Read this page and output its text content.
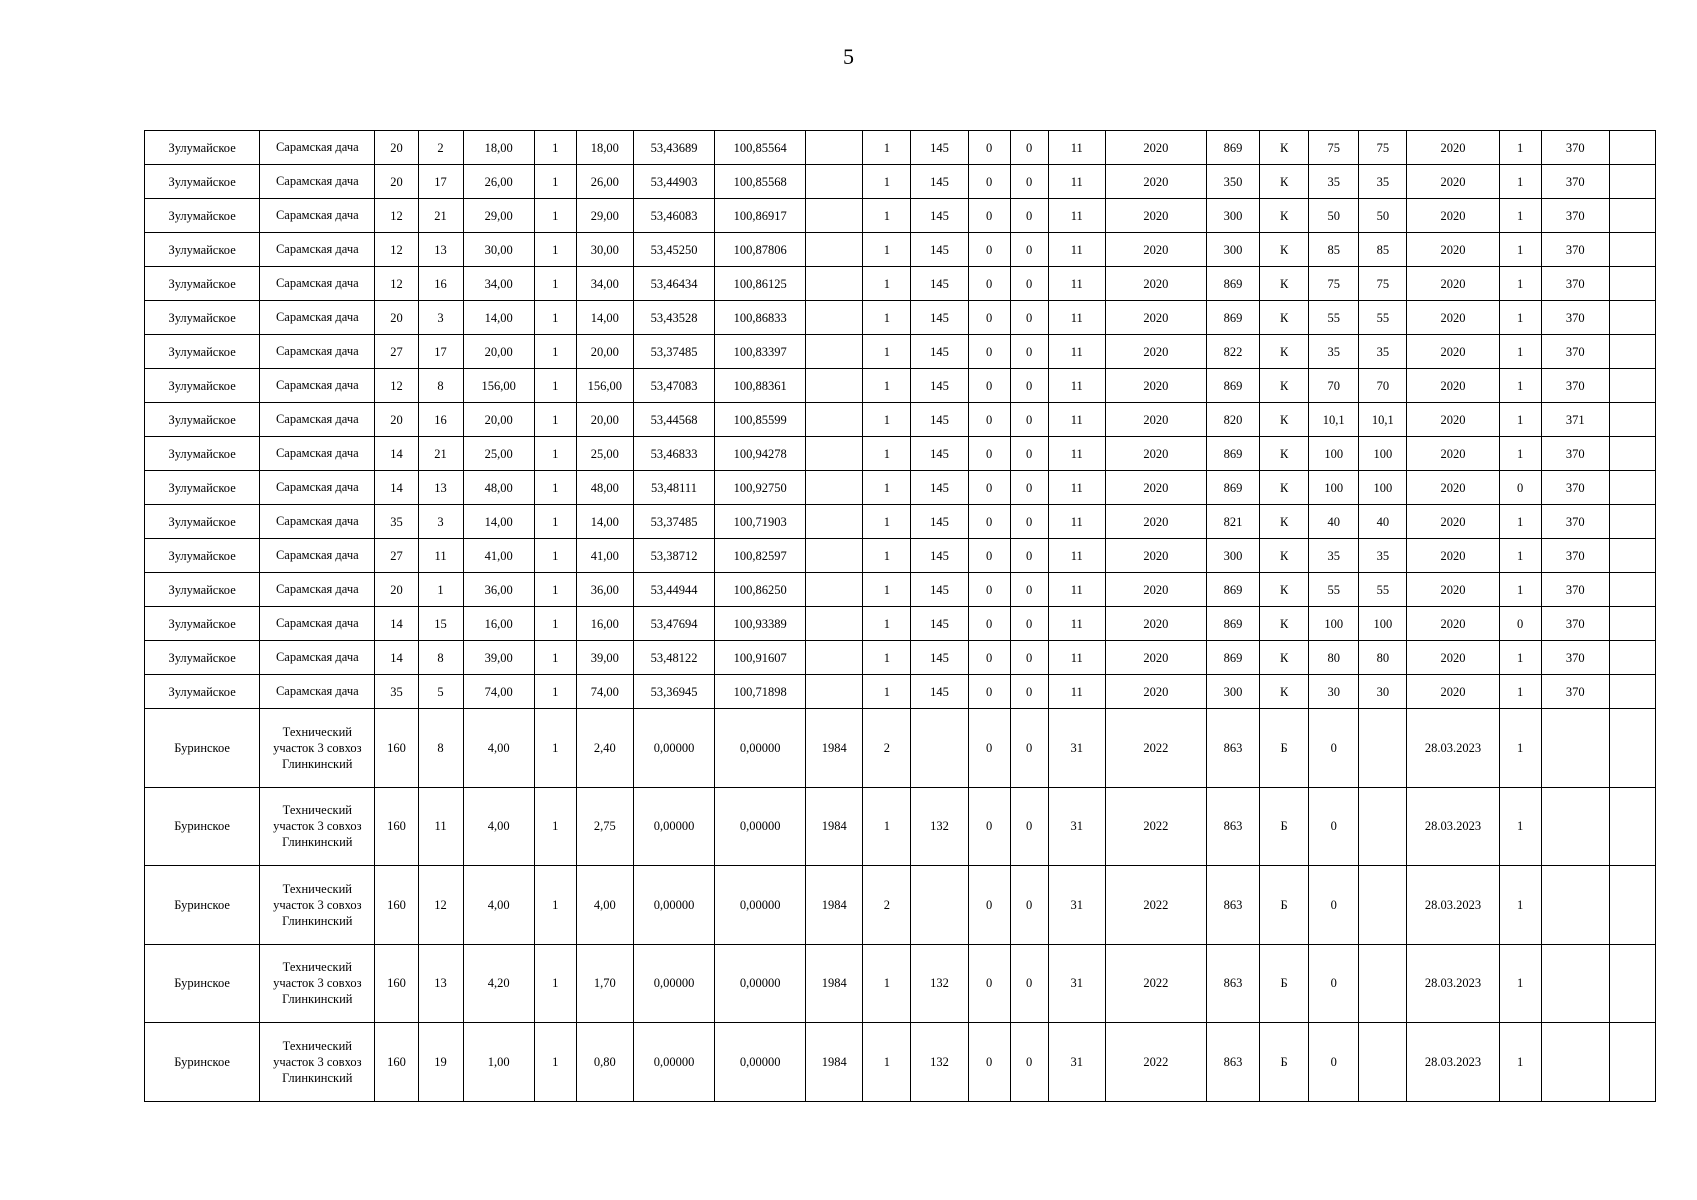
5
Зулумайское	Сарамская дача	20	2	18,00	1	18,00	53,43689	100,85564		1	145	0	0	11	2020	869	К	75	75	2020	1	370	
Зулумайское	Сарамская дача	20	17	26,00	1	26,00	53,44903	100,85568		1	145	0	0	11	2020	350	К	35	35	2020	1	370	
Зулумайское	Сарамская дача	12	21	29,00	1	29,00	53,46083	100,86917		1	145	0	0	11	2020	300	К	50	50	2020	1	370	
Зулумайское	Сарамская дача	12	13	30,00	1	30,00	53,45250	100,87806		1	145	0	0	11	2020	300	К	85	85	2020	1	370	
Зулумайское	Сарамская дача	12	16	34,00	1	34,00	53,46434	100,86125		1	145	0	0	11	2020	869	К	75	75	2020	1	370	
Зулумайское	Сарамская дача	20	3	14,00	1	14,00	53,43528	100,86833		1	145	0	0	11	2020	869	К	55	55	2020	1	370	
Зулумайское	Сарамская дача	27	17	20,00	1	20,00	53,37485	100,83397		1	145	0	0	11	2020	822	К	35	35	2020	1	370	
Зулумайское	Сарамская дача	12	8	156,00	1	156,00	53,47083	100,88361		1	145	0	0	11	2020	869	К	70	70	2020	1	370	
Зулумайское	Сарамская дача	20	16	20,00	1	20,00	53,44568	100,85599		1	145	0	0	11	2020	820	К	10,1	10,1	2020	1	371	
Зулумайское	Сарамская дача	14	21	25,00	1	25,00	53,46833	100,94278		1	145	0	0	11	2020	869	К	100	100	2020	1	370	
Зулумайское	Сарамская дача	14	13	48,00	1	48,00	53,48111	100,92750		1	145	0	0	11	2020	869	К	100	100	2020	0	370	
Зулумайское	Сарамская дача	35	3	14,00	1	14,00	53,37485	100,71903		1	145	0	0	11	2020	821	К	40	40	2020	1	370	
Зулумайское	Сарамская дача	27	11	41,00	1	41,00	53,38712	100,82597		1	145	0	0	11	2020	300	К	35	35	2020	1	370	
Зулумайское	Сарамская дача	20	1	36,00	1	36,00	53,44944	100,86250		1	145	0	0	11	2020	869	К	55	55	2020	1	370	
Зулумайское	Сарамская дача	14	15	16,00	1	16,00	53,47694	100,93389		1	145	0	0	11	2020	869	К	100	100	2020	0	370	
Зулумайское	Сарамская дача	14	8	39,00	1	39,00	53,48122	100,91607		1	145	0	0	11	2020	869	К	80	80	2020	1	370	
Зулумайское	Сарамская дача	35	5	74,00	1	74,00	53,36945	100,71898		1	145	0	0	11	2020	300	К	30	30	2020	1	370	
Буринское	Технический участок 3 совхоз Глинкинский	160	8	4,00	1	2,40	0,00000	0,00000	1984	2		0	0	31	2022	863	Б	0		28.03.2023	1		
Буринское	Технический участок 3 совхоз Глинкинский	160	11	4,00	1	2,75	0,00000	0,00000	1984	1	132	0	0	31	2022	863	Б	0		28.03.2023	1		
Буринское	Технический участок 3 совхоз Глинкинский	160	12	4,00	1	4,00	0,00000	0,00000	1984	2		0	0	31	2022	863	Б	0		28.03.2023	1		
Буринское	Технический участок 3 совхоз Глинкинский	160	13	4,20	1	1,70	0,00000	0,00000	1984	1	132	0	0	31	2022	863	Б	0		28.03.2023	1		
Буринское	Технический участок 3 совхоз Глинкинский	160	19	1,00	1	0,80	0,00000	0,00000	1984	1	132	0	0	31	2022	863	Б	0		28.03.2023	1		
